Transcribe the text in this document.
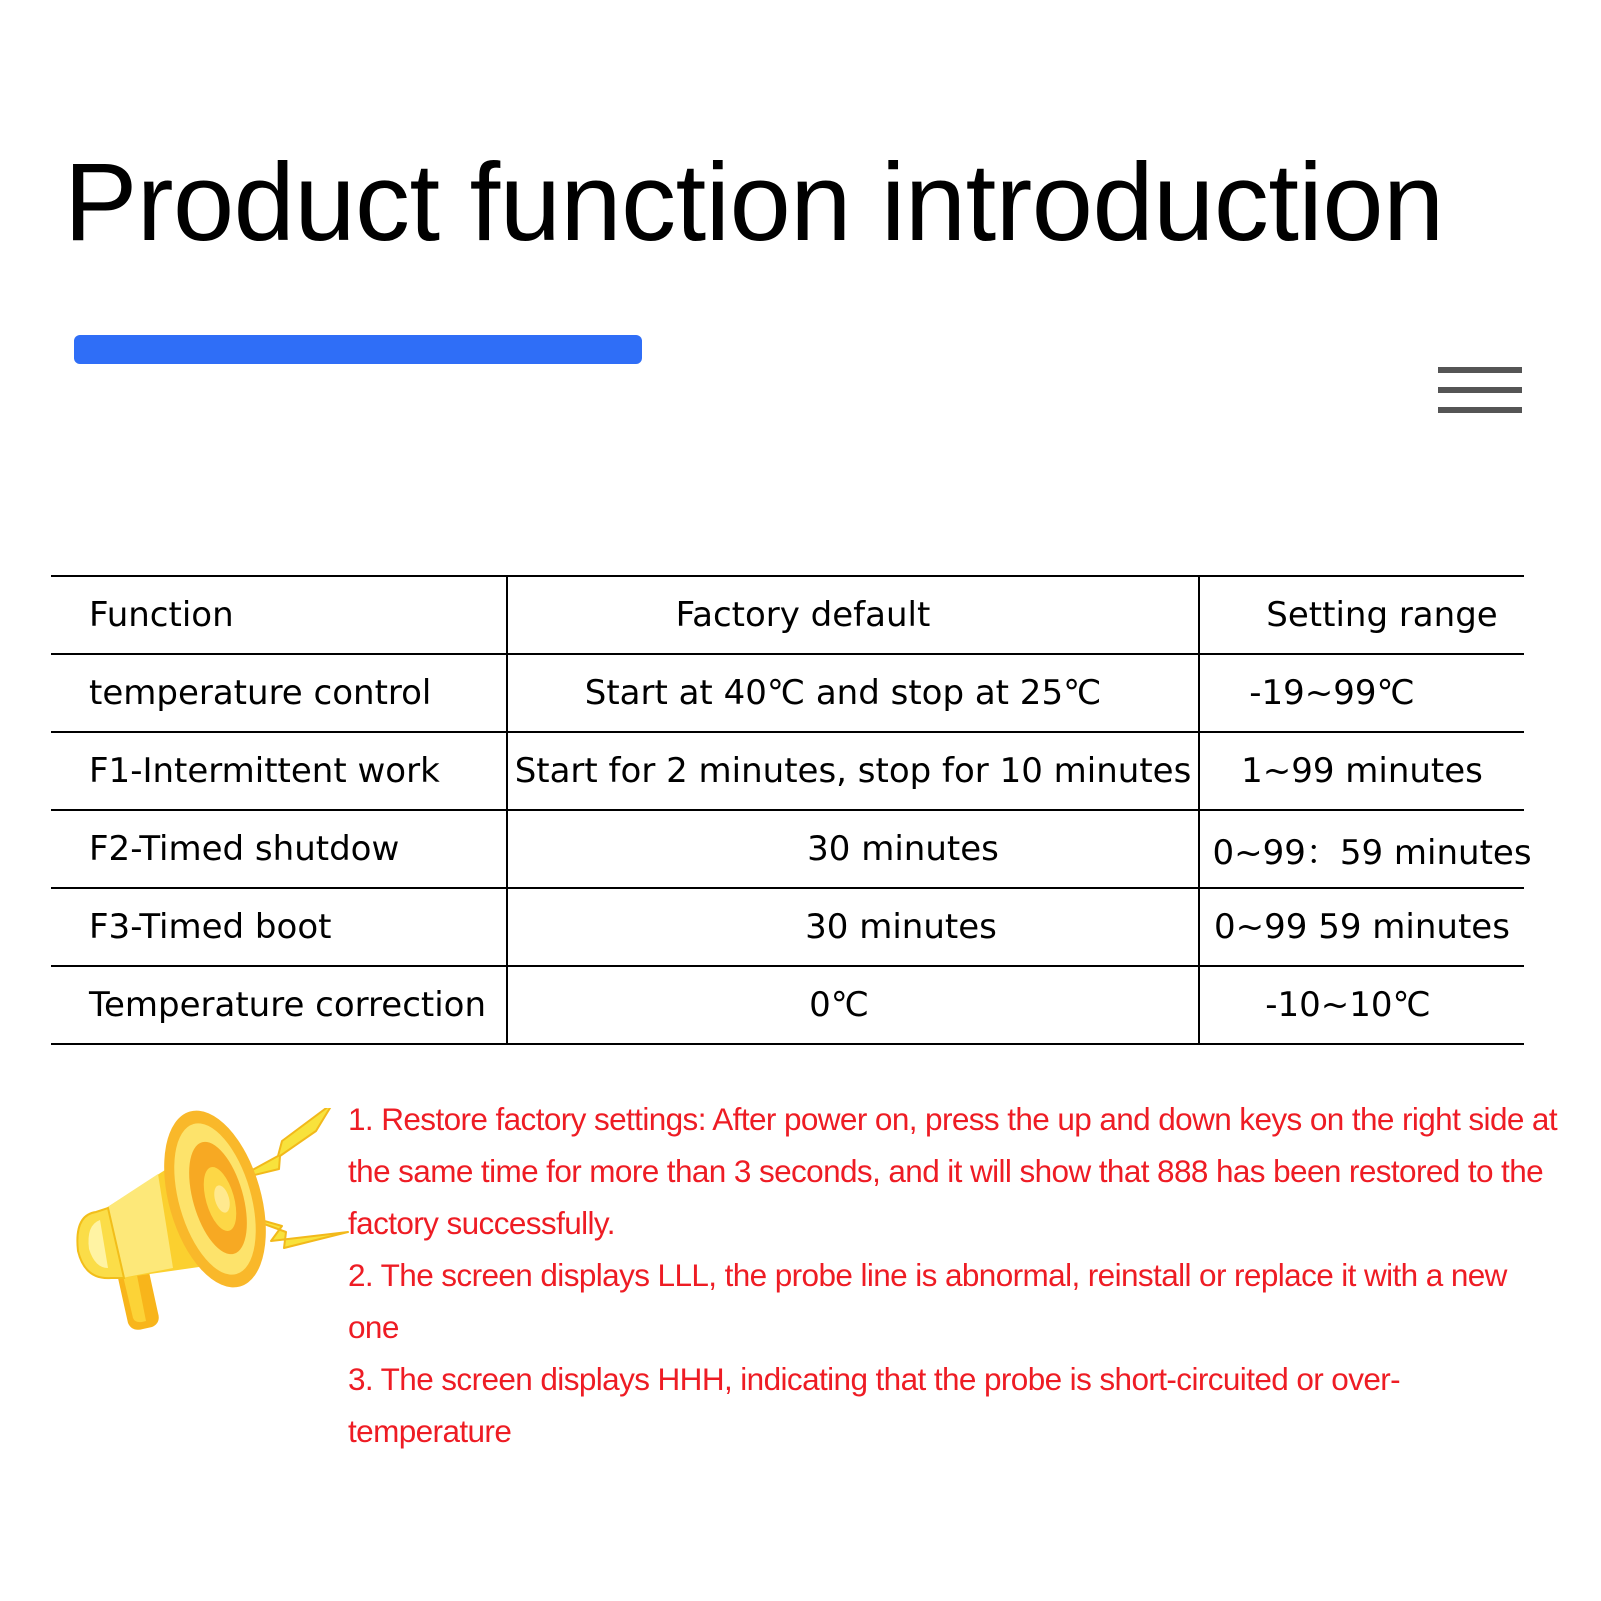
Product function introduction
Function	Factory default	Setting range
temperature control	Start at 40℃ and stop at 25℃	-19~99℃
F1-Intermittent work	Start for 2 minutes, stop for 10 minutes	1~99 minutes
F2-Timed shutdow	30 minutes	0~99：59 minutes
F3-Timed boot	30 minutes	0~99 59 minutes
Temperature correction	0℃	-10~10℃

1. Restore factory settings: After power on, press the up and down keys on the right side at the same time for more than 3 seconds, and it will show that 888 has been restored to the factory successfully.

2. The screen displays LLL, the probe line is abnormal, reinstall or replace it with a new one

3. The screen displays HHH, indicating that the probe is short-circuited or over-temperature
